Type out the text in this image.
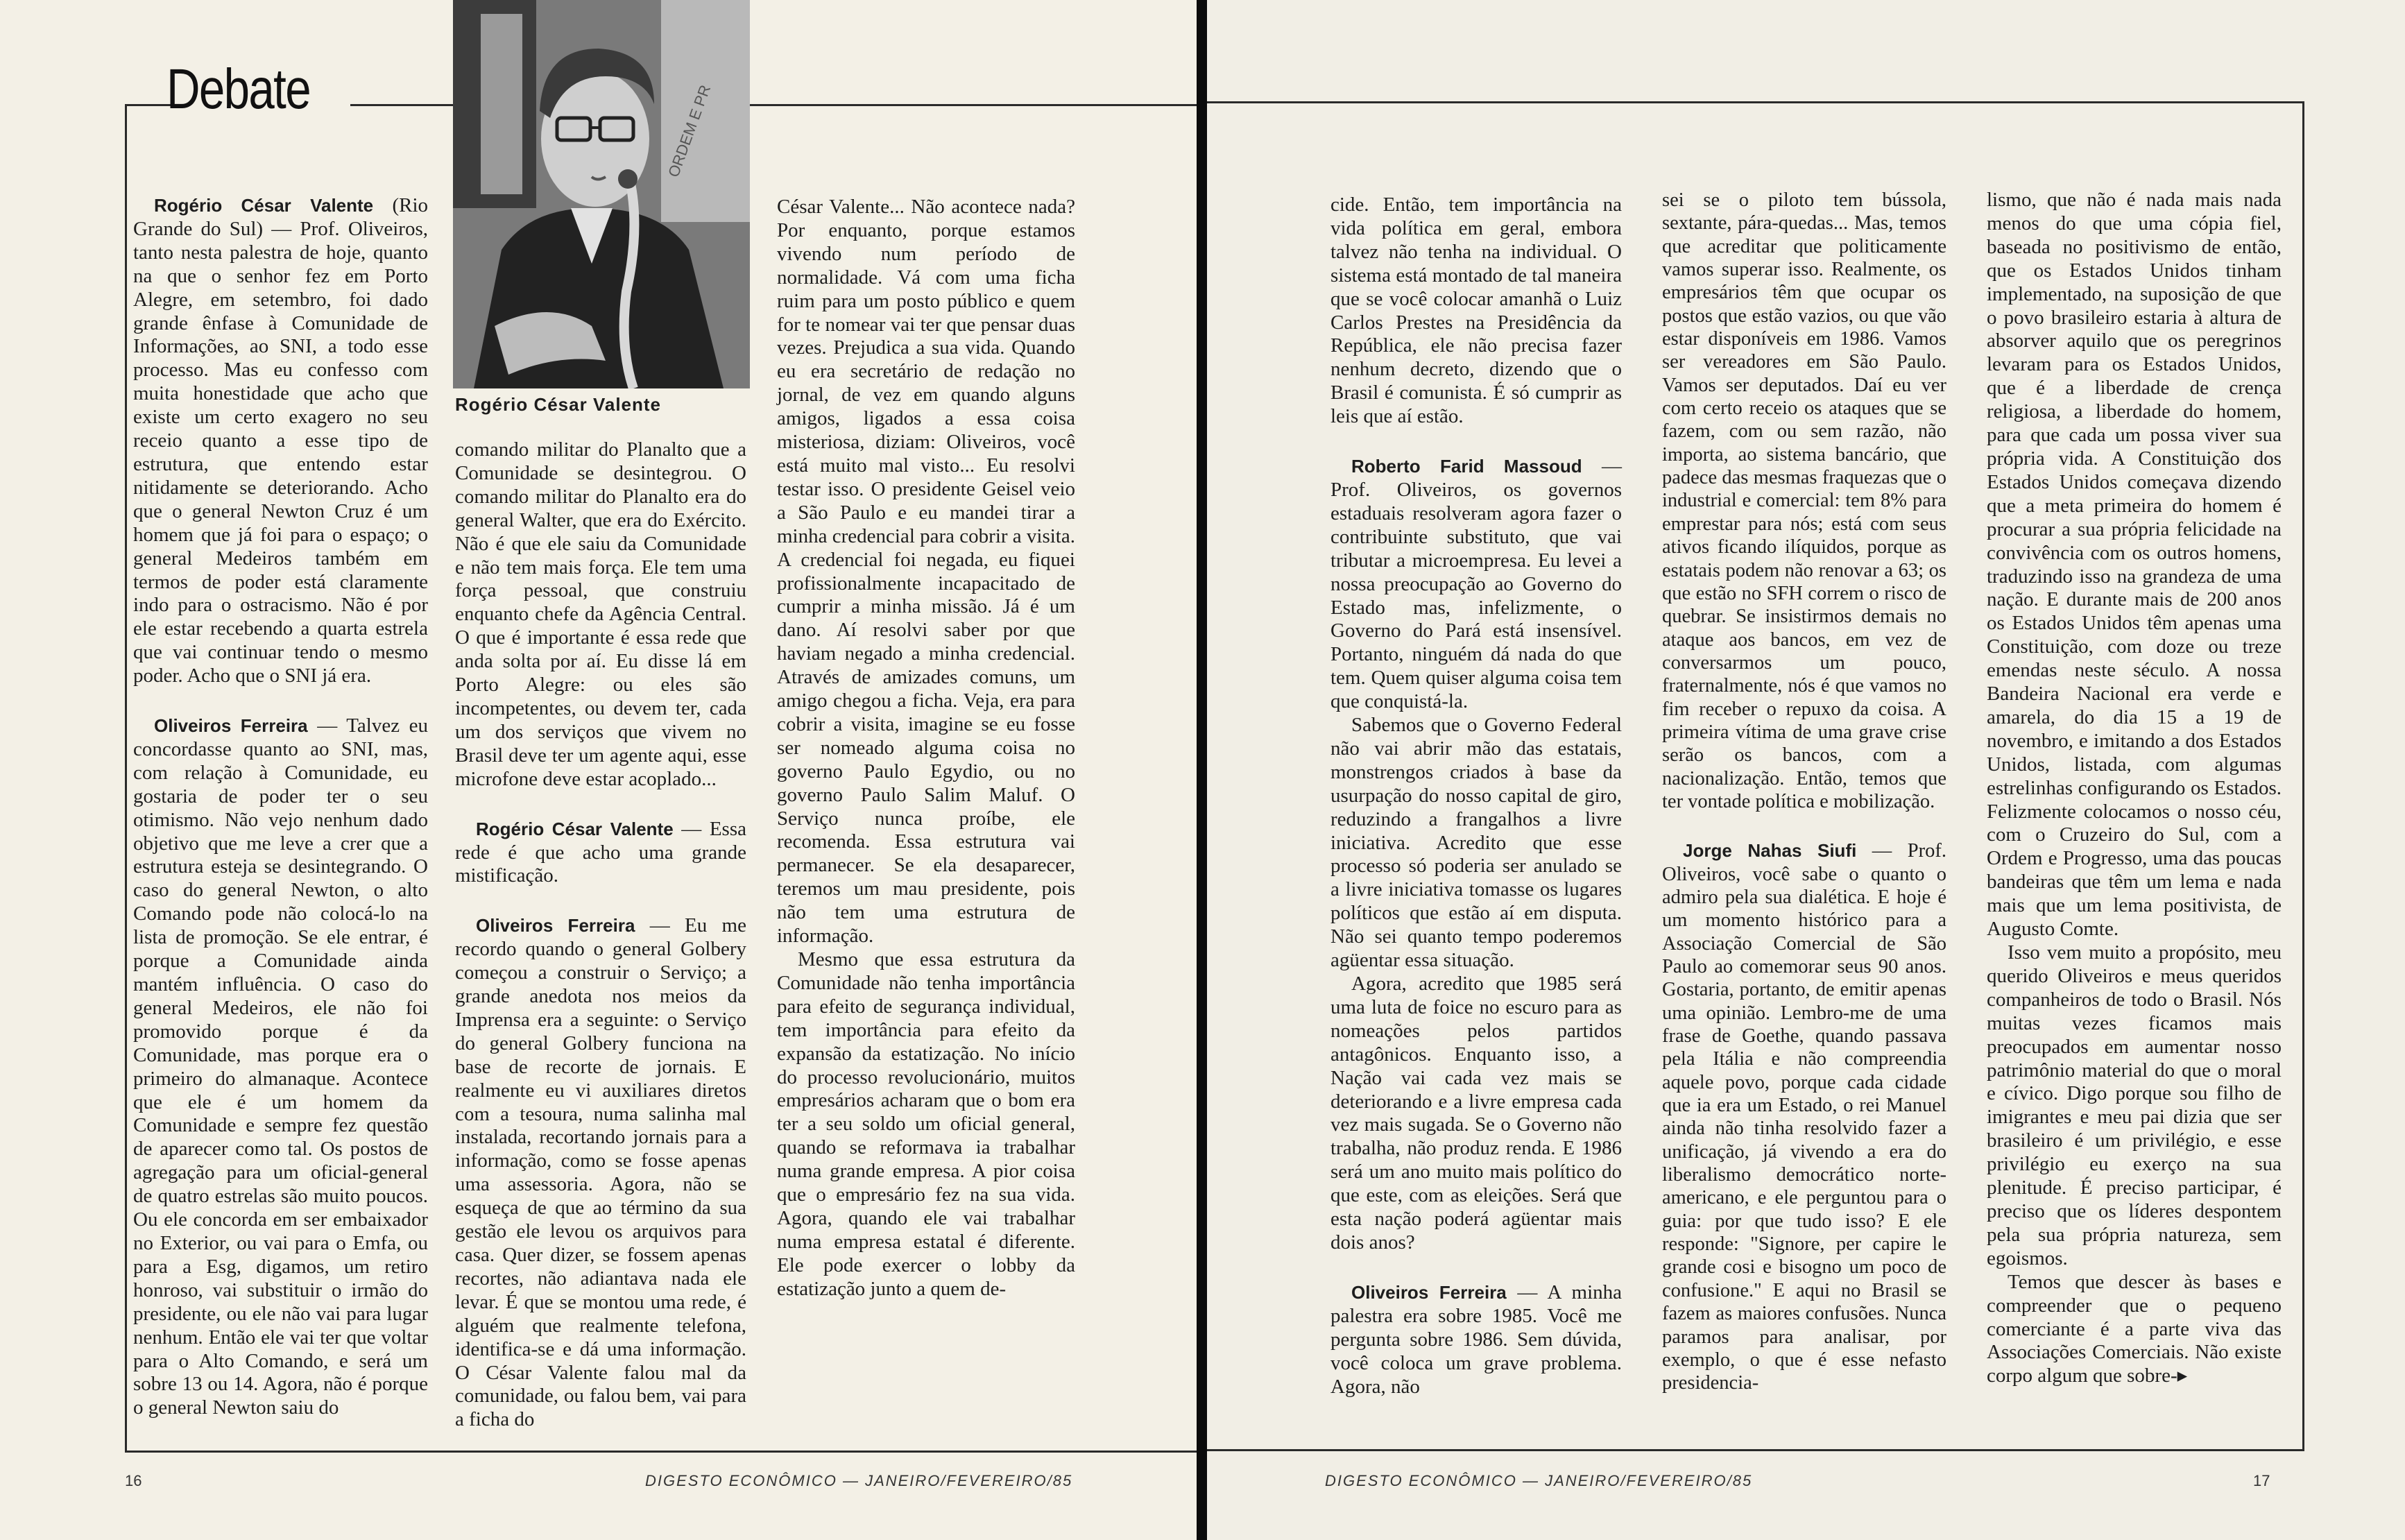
Debate	ORDEM E PR
Rogério César Valente

Rogério César Valente (Rio Grande do Sul) — Prof. Oliveiros, tanto nesta palestra de hoje, quanto na que o senhor fez em Porto Alegre, em setembro, foi dado grande ênfase à Comunidade de Informações, ao SNI, a todo esse processo. Mas eu confesso com muita honestidade que acho que existe um certo exagero no seu receio quanto a esse tipo de estrutura, que entendo estar nitidamente se deteriorando. Acho que o general Newton Cruz é um homem que já foi para o espaço; o general Medeiros também em termos de poder está claramente indo para o ostracismo. Não é por ele estar recebendo a quarta estrela que vai continuar tendo o mesmo poder. Acho que o SNI já era.

Oliveiros Ferreira — Talvez eu concordasse quanto ao SNI, mas, com relação à Comunidade, eu gostaria de poder ter o seu otimismo. Não vejo nenhum dado objetivo que me leve a crer que a estrutura esteja se desintegrando. O caso do general Newton, o alto Comando pode não colocá-lo na lista de promoção. Se ele entrar, é porque a Comunidade ainda mantém influência. O caso do general Medeiros, ele não foi promovido porque é da Comunidade, mas porque era o primeiro do almanaque. Acontece que ele é um homem da Comunidade e sempre fez questão de aparecer como tal. Os postos de agregação para um oficial-general de quatro estrelas são muito poucos. Ou ele concorda em ser embaixador no Exterior, ou vai para o Emfa, ou para a Esg, digamos, um retiro honroso, vai substituir o irmão do presidente, ou ele não vai para lugar nenhum. Então ele vai ter que voltar para o Alto Comando, e será um sobre 13 ou 14. Agora, não é porque o general Newton saiu do

comando militar do Planalto que a Comunidade se desintegrou. O comando militar do Planalto era do general Walter, que era do Exército. Não é que ele saiu da Comunidade e não tem mais força. Ele tem uma força pessoal, que construiu enquanto chefe da Agência Central. O que é importante é essa rede que anda solta por aí. Eu disse lá em Porto Alegre: ou eles são incompetentes, ou devem ter, cada um dos serviços que vivem no Brasil deve ter um agente aqui, esse microfone deve estar acoplado...

Rogério César Valente — Essa rede é que acho uma grande mistificação.

Oliveiros Ferreira — Eu me recordo quando o general Golbery começou a construir o Serviço; a grande anedota nos meios da Imprensa era a seguinte: o Serviço do general Golbery funciona na base de recorte de jornais. E realmente eu vi auxiliares diretos com a tesoura, numa salinha mal instalada, recortando jornais para a informação, como se fosse apenas uma assessoria. Agora, não se esqueça de que ao término da sua gestão ele levou os arquivos para casa. Quer dizer, se fossem apenas recortes, não adiantava nada ele levar. É que se montou uma rede, é alguém que realmente telefona, identifica-se e dá uma informação. O César Valente falou mal da comunidade, ou falou bem, vai para a ficha do

César Valente... Não acontece nada? Por enquanto, porque estamos vivendo num período de normalidade. Vá com uma ficha ruim para um posto público e quem for te nomear vai ter que pensar duas vezes. Prejudica a sua vida. Quando eu era secretário de redação no jornal, de vez em quando alguns amigos, ligados a essa coisa misteriosa, diziam: Oliveiros, você está muito mal visto... Eu resolvi testar isso. O presidente Geisel veio a São Paulo e eu mandei tirar a minha credencial para cobrir a visita. A credencial foi negada, eu fiquei profissionalmente incapacitado de cumprir a minha missão. Já é um dano. Aí resolvi saber por que haviam negado a minha credencial. Através de amizades comuns, um amigo chegou a ficha. Veja, era para cobrir a visita, imagine se eu fosse ser nomeado alguma coisa no governo Paulo Egydio, ou no governo Paulo Salim Maluf. O Serviço nunca proíbe, ele recomenda. Essa estrutura vai permanecer. Se ela desaparecer, teremos um mau presidente, pois não tem uma estrutura de informação.

Mesmo que essa estrutura da Comunidade não tenha importância para efeito de segurança individual, tem importância para efeito da expansão da estatização. No início do processo revolucionário, muitos empresários acharam que o bom era ter a seu soldo um oficial general, quando se reformava ia trabalhar numa grande empresa. A pior coisa que o empresário fez na sua vida. Agora, quando ele vai trabalhar numa empresa estatal é diferente. Ele pode exercer o lobby da estatização junto a quem de-

16	DIGESTO ECONÔMICO — JANEIRO/FEVEREIRO/85

cide. Então, tem importância na vida política em geral, embora talvez não tenha na individual. O sistema está montado de tal maneira que se você colocar amanhã o Luiz Carlos Prestes na Presidência da República, ele não precisa fazer nenhum decreto, dizendo que o Brasil é comunista. É só cumprir as leis que aí estão.

Roberto Farid Massoud — Prof. Oliveiros, os governos estaduais resolveram agora fazer o contribuinte substituto, que vai tributar a microempresa. Eu levei a nossa preocupação ao Governo do Estado mas, infelizmente, o Governo do Pará está insensível. Portanto, ninguém dá nada do que tem. Quem quiser alguma coisa tem que conquistá-la.

Sabemos que o Governo Federal não vai abrir mão das estatais, monstrengos criados à base da usurpação do nosso capital de giro, reduzindo a frangalhos a livre iniciativa. Acredito que esse processo só poderia ser anulado se a livre iniciativa tomasse os lugares políticos que estão aí em disputa. Não sei quanto tempo poderemos agüentar essa situação.

Agora, acredito que 1985 será uma luta de foice no escuro para as nomeações pelos partidos antagônicos. Enquanto isso, a Nação vai cada vez mais se deteriorando e a livre empresa cada vez mais sugada. Se o Governo não trabalha, não produz renda. E 1986 será um ano muito mais político do que este, com as eleições. Será que esta nação poderá agüentar mais dois anos?

Oliveiros Ferreira — A minha palestra era sobre 1985. Você me pergunta sobre 1986. Sem dúvida, você coloca um grave problema. Agora, não

sei se o piloto tem bússola, sextante, pára-quedas... Mas, temos que acreditar que politicamente vamos superar isso. Realmente, os empresários têm que ocupar os postos que estão vazios, ou que vão estar disponíveis em 1986. Vamos ser vereadores em São Paulo. Vamos ser deputados. Daí eu ver com certo receio os ataques que se fazem, com ou sem razão, não importa, ao sistema bancário, que padece das mesmas fraquezas que o industrial e comercial: tem 8% para emprestar para nós; está com seus ativos ficando ilíquidos, porque as estatais podem não renovar a 63; os que estão no SFH correm o risco de quebrar. Se insistirmos demais no ataque aos bancos, em vez de conversarmos um pouco, fraternalmente, nós é que vamos no fim receber o repuxo da coisa. A primeira vítima de uma grave crise serão os bancos, com a nacionalização. Então, temos que ter vontade política e mobilização.

Jorge Nahas Siufi — Prof. Oliveiros, você sabe o quanto o admiro pela sua dialética. E hoje é um momento histórico para a Associação Comercial de São Paulo ao comemorar seus 90 anos. Gostaria, portanto, de emitir apenas uma opinião. Lembro-me de uma frase de Goethe, quando passava pela Itália e não compreendia aquele povo, porque cada cidade que ia era um Estado, o rei Manuel ainda não tinha resolvido fazer a unificação, já vivendo a era do liberalismo democrático norte-americano, e ele perguntou para o guia: por que tudo isso? E ele responde: "Signore, per capire le grande cosi e bisogno um poco de confusione." E aqui no Brasil se fazem as maiores confusões. Nunca paramos para analisar, por exemplo, o que é esse nefasto presidencia-

lismo, que não é nada mais nada menos do que uma cópia fiel, baseada no positivismo de então, que os Estados Unidos tinham implementado, na suposição de que o povo brasileiro estaria à altura de absorver aquilo que os peregrinos levaram para os Estados Unidos, que é a liberdade de crença religiosa, a liberdade do homem, para que cada um possa viver sua própria vida. A Constituição dos Estados Unidos começava dizendo que a meta primeira do homem é procurar a sua própria felicidade na convivência com os outros homens, traduzindo isso na grandeza de uma nação. E durante mais de 200 anos os Estados Unidos têm apenas uma Constituição, com doze ou treze emendas neste século. A nossa Bandeira Nacional era verde e amarela, do dia 15 a 19 de novembro, e imitando a dos Estados Unidos, listada, com algumas estrelinhas configurando os Estados. Felizmente colocamos o nosso céu, com o Cruzeiro do Sul, com a Ordem e Progresso, uma das poucas bandeiras que têm um lema e nada mais que um lema positivista, de Augusto Comte.

Isso vem muito a propósito, meu querido Oliveiros e meus queridos companheiros de todo o Brasil. Nós muitas vezes ficamos mais preocupados em aumentar nosso patrimônio material do que o moral e cívico. Digo porque sou filho de imigrantes e meu pai dizia que ser brasileiro é um privilégio, e esse privilégio eu exerço na sua plenitude. É preciso participar, é preciso que os líderes despontem pela sua própria natureza, sem egoismos.

Temos que descer às bases e compreender que o pequeno comerciante é a parte viva das Associações Comerciais. Não existe corpo algum que sobre-▸

DIGESTO ECONÔMICO — JANEIRO/FEVEREIRO/85	17
